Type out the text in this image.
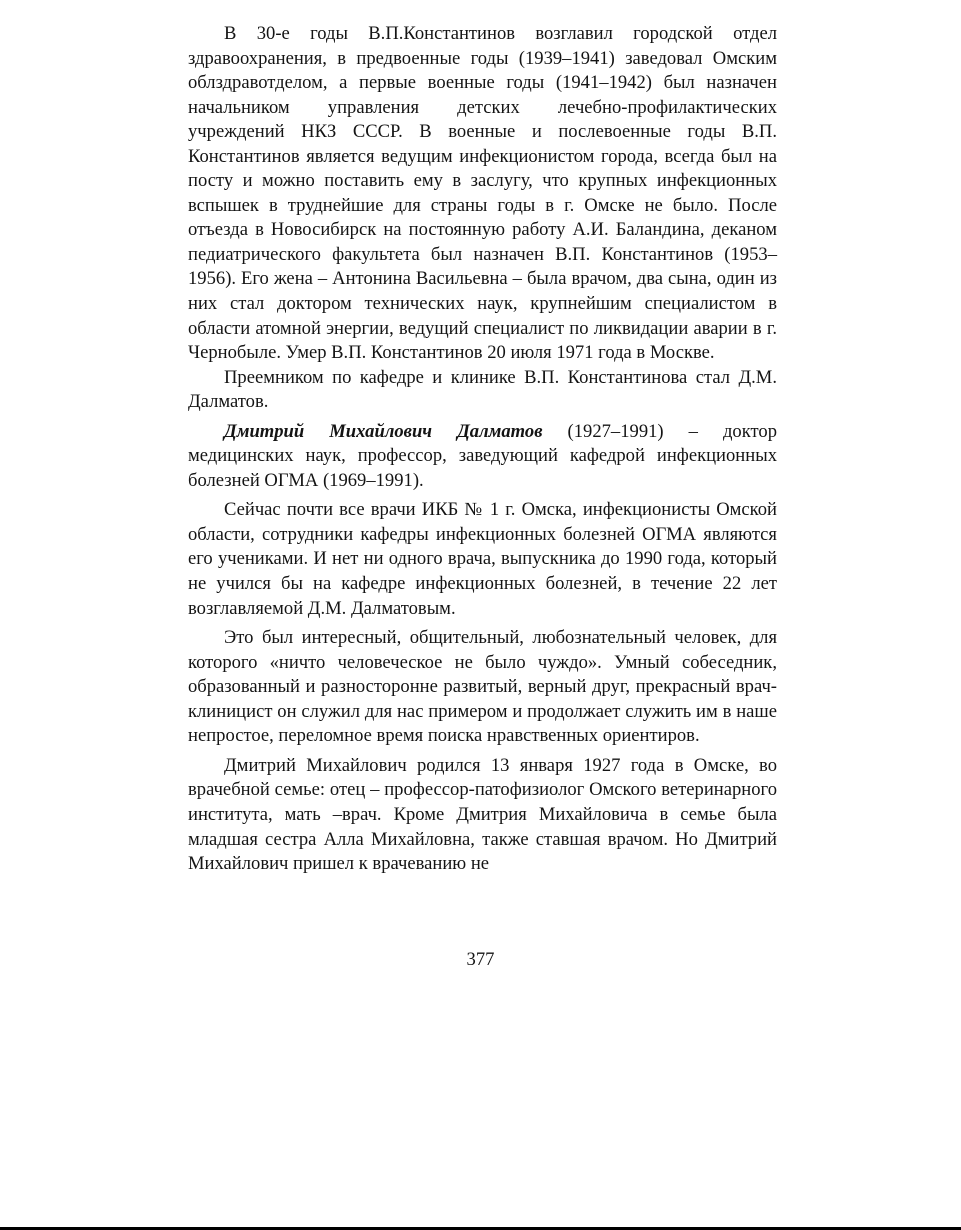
В 30-е годы В.П.Константинов возглавил городской отдел здравоохранения, в предвоенные годы (1939–1941) заведовал Омским облздравотделом, а первые военные годы (1941–1942) был назначен начальником управления детских лечебно-профилактических учреждений НКЗ СССР. В военные и послевоенные годы В.П. Константинов является ведущим инфекционистом города, всегда был на посту и можно поставить ему в заслугу, что крупных инфекционных вспышек в труднейшие для страны годы в г. Омске не было. После отъезда в Новосибирск на постоянную работу А.И. Баландина, деканом педиатрического факультета был назначен В.П. Константинов (1953–1956). Его жена – Антонина Васильевна – была врачом, два сына, один из них стал доктором технических наук, крупнейшим специалистом в области атомной энергии, ведущий специалист по ликвидации аварии в г. Чернобыле. Умер В.П. Константинов 20 июля 1971 года в Москве.

Преемником по кафедре и клинике В.П. Константинова стал Д.М. Далматов.

Дмитрий Михайлович Далматов (1927–1991) – доктор медицинских наук, профессор, заведующий кафедрой инфекционных болезней ОГМА (1969–1991).

Сейчас почти все врачи ИКБ № 1 г. Омска, инфекционисты Омской области, сотрудники кафедры инфекционных болезней ОГМА являются его учениками. И нет ни одного врача, выпускника до 1990 года, который не учился бы на кафедре инфекционных болезней, в течение 22 лет возглавляемой Д.М. Далматовым.

Это был интересный, общительный, любознательный человек, для которого «ничто человеческое не было чуждо». Умный собеседник, образованный и разносторонне развитый, верный друг, прекрасный врач-клиницист он служил для нас примером и продолжает служить им в наше непростое, переломное время поиска нравственных ориентиров.

Дмитрий Михайлович родился 13 января 1927 года в Омске, во врачебной семье: отец – профессор-патофизиолог Омского ветеринарного института, мать –врач. Кроме Дмитрия Михайловича в семье была младшая сестра Алла Михайловна, также ставшая врачом. Но Дмитрий Михайлович пришел к врачеванию не

377
